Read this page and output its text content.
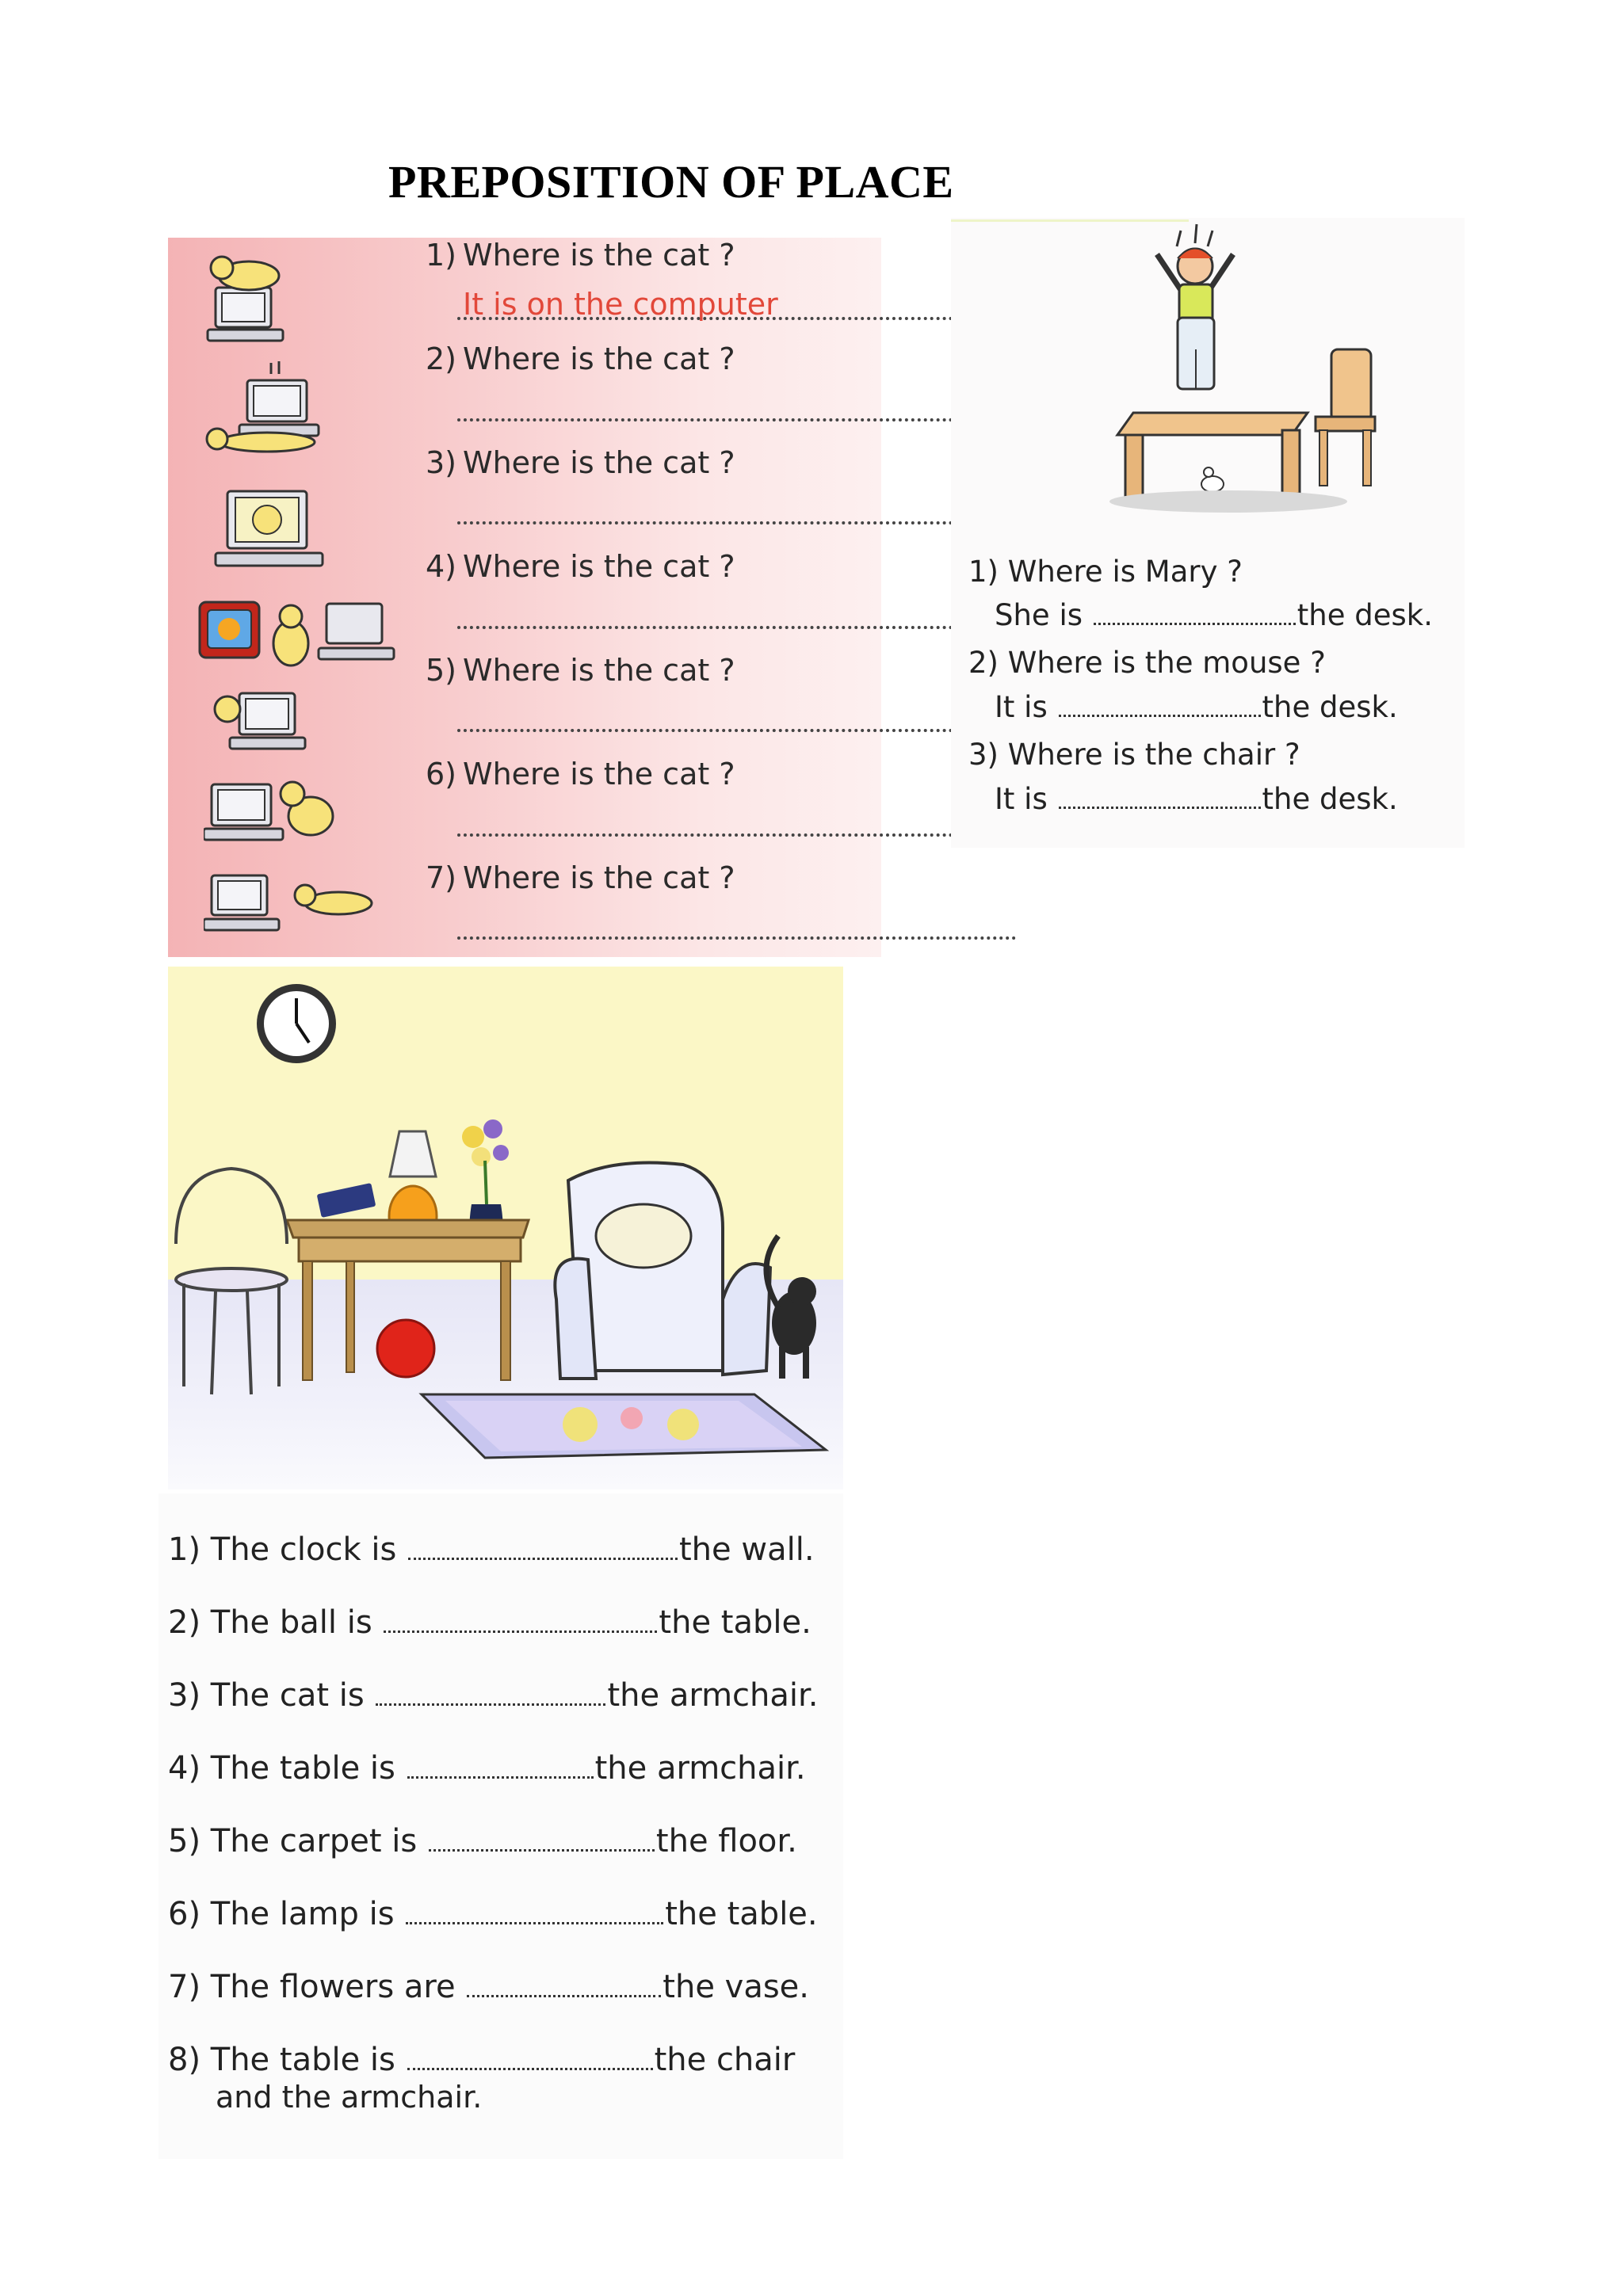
PREPOSITION OF PLACE
1) Where is the cat ?
It is on the computer
2) Where is the cat ?
3) Where is the cat ?
4) Where is the cat ?
5) Where is the cat ?
6) Where is the cat ?
7) Where is the cat ?
1) Where is Mary ?
She is	the desk.
2) Where is the mouse ?
It is	the desk.
3) Where is the chair ?
It is	the desk.
1) The clock is	the wall.
2) The ball is	the table.
3) The cat is	the armchair.
4) The table is	the armchair.
5) The carpet is	the floor.
6) The lamp is	the table.
7) The flowers are	the vase.
8) The table is	the chair
and the armchair.
